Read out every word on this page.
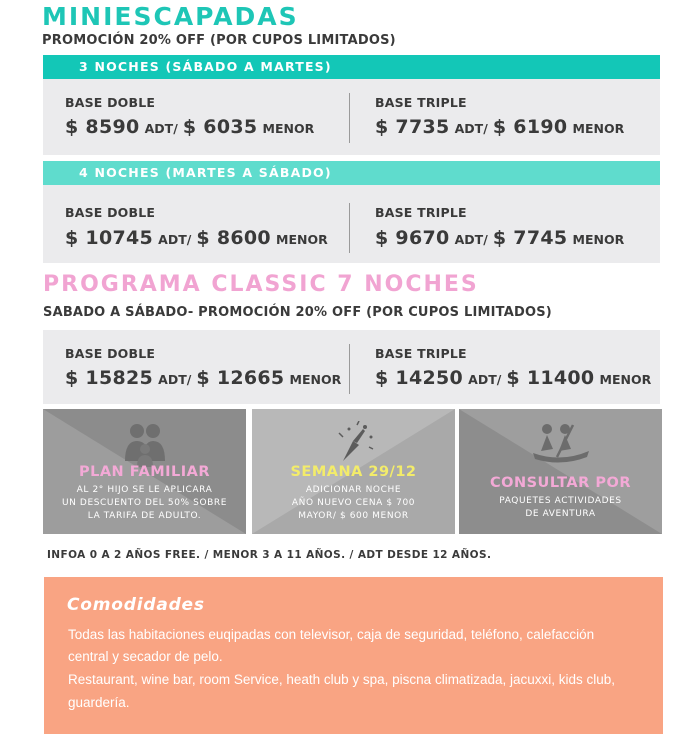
MINIESCAPADAS
PROMOCIÓN 20% OFF (POR CUPOS LIMITADOS)
3 NOCHES (SÁBADO A MARTES)
BASE DOBLE
$ 8590 ADT/ $ 6035 MENOR
BASE TRIPLE
$ 7735 ADT/ $ 6190 MENOR
4 NOCHES (MARTES A SÁBADO)
BASE DOBLE
$ 10745 ADT/ $ 8600 MENOR
BASE TRIPLE
$ 9670 ADT/ $ 7745 MENOR
PROGRAMA CLASSIC 7 NOCHES
SABADO A SÁBADO- PROMOCIÓN 20% OFF (POR CUPOS LIMITADOS)
BASE DOBLE
$ 15825 ADT/ $ 12665 MENOR
BASE TRIPLE
$ 14250 ADT/ $ 11400 MENOR
PLAN FAMILIAR
AL 2° HIJO SE LE APLICARA
UN DESCUENTO DEL 50% SOBRE
LA TARIFA DE ADULTO.
SEMANA 29/12
ADICIONAR NOCHE
AÑO NUEVO CENA $ 700
MAYOR/ $ 600 MENOR
CONSULTAR POR
PAQUETES ACTIVIDADES
DE AVENTURA
INFOA 0 A 2 AÑOS FREE. / MENOR 3 A 11 AÑOS. / ADT DESDE 12 AÑOS.
Comodidades
Todas las habitaciones euqipadas con televisor, caja de seguridad, teléfono, calefacción
central y secador de pelo.
Restaurant, wine bar, room Service, heath club y spa, piscna climatizada, jacuxxi, kids club,
guardería.
